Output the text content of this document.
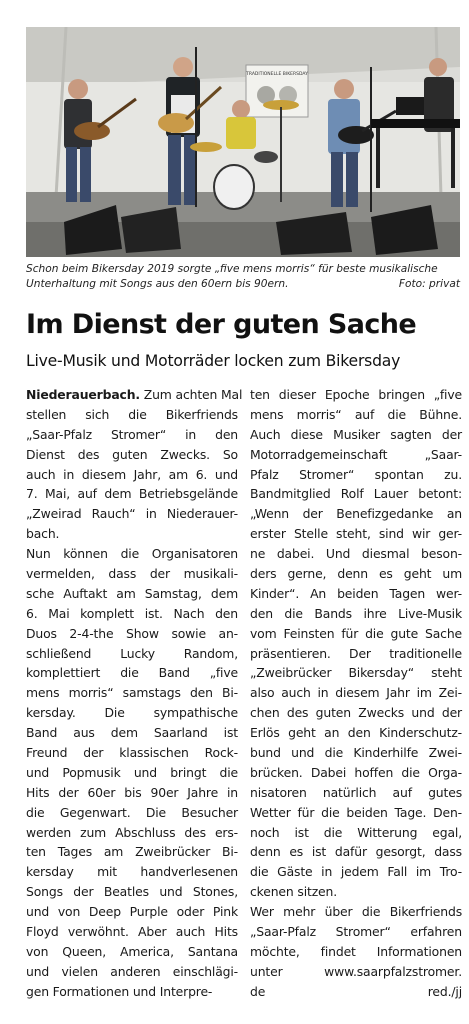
TRADITIONELLE BIKERSDAY
Schon beim Bikersday 2019 sorgte „five mens morris“ für beste musikalische
Unterhaltung mit Songs aus den 60ern bis 90ern.	Foto: privat
Im Dienst der guten Sache
Live-Musik und Motorräder locken zum Bikersday
Niederauerbach. Zum achten Mal
stellen sich die Bikerfriends
„Saar-Pfalz Stromer“ in den
Dienst des guten Zwecks. So
auch in diesem Jahr, am 6. und
7. Mai, auf dem Betriebsgelände
„Zweirad Rauch“ in Niederauer-
bach.
Nun können die Organisatoren
vermelden, dass der musikali-
sche Auftakt am Samstag, dem
6. Mai komplett ist. Nach den
Duos 2-4-the Show sowie an-
schließend Lucky Random,
komplettiert die Band „five
mens morris“ samstags den Bi-
kersday. Die sympathische
Band aus dem Saarland ist
Freund der klassischen Rock-
und Popmusik und bringt die
Hits der 60er bis 90er Jahre in
die Gegenwart. Die Besucher
werden zum Abschluss des ers-
ten Tages am Zweibrücker Bi-
kersday mit handverlesenen
Songs der Beatles und Stones,
und von Deep Purple oder Pink
Floyd verwöhnt. Aber auch Hits
von Queen, America, Santana
und vielen anderen einschlägi-
gen Formationen und Interpre-
ten dieser Epoche bringen „five
mens morris“ auf die Bühne.
Auch diese Musiker sagten der
Motorradgemeinschaft „Saar-
Pfalz Stromer“ spontan zu.
Bandmitglied Rolf Lauer betont:
„Wenn der Benefizgedanke an
erster Stelle steht, sind wir ger-
ne dabei. Und diesmal beson-
ders gerne, denn es geht um
Kinder“. An beiden Tagen wer-
den die Bands ihre Live-Musik
vom Feinsten für die gute Sache
präsentieren. Der traditionelle
„Zweibrücker Bikersday“ steht
also auch in diesem Jahr im Zei-
chen des guten Zwecks und der
Erlös geht an den Kinderschutz-
bund und die Kinderhilfe Zwei-
brücken. Dabei hoffen die Orga-
nisatoren natürlich auf gutes
Wetter für die beiden Tage. Den-
noch ist die Witterung egal,
denn es ist dafür gesorgt, dass
die Gäste in jedem Fall im Tro-
ckenen sitzen.
Wer mehr über die Bikerfriends
„Saar-Pfalz Stromer“ erfahren
möchte, findet Informationen
unter www.saarpfalzstromer.
de	red./jj
